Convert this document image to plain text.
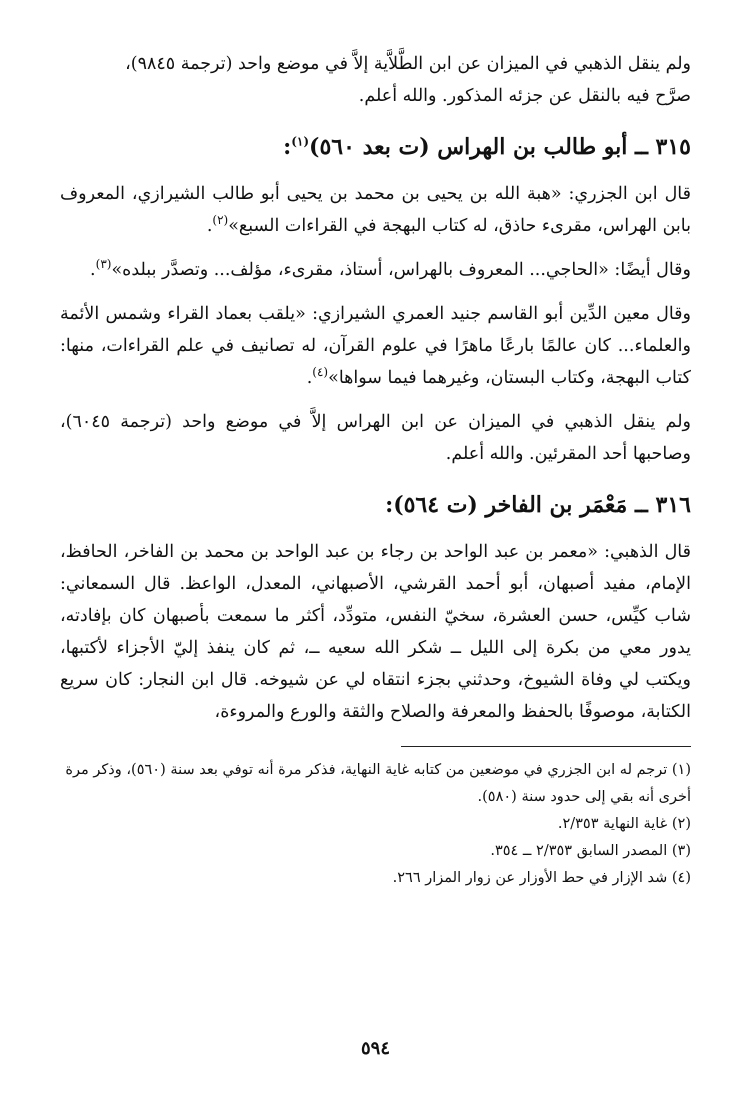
ولم ينقل الذهبي في الميزان عن ابن الطَّلاَّية إلاَّ في موضع واحد (ترجمة ٩٨٤٥)،

صرَّح فيه بالنقل عن جزئه المذكور. والله أعلم.

٣١٥ ــ أبو طالب بن الهراس (ت بعد ٥٦٠)$^{(١)}$:
قال ابن الجزري: «هبة الله بن يحيى بن محمد بن يحيى أبو طالب الشيرازي، المعروف بابن الهراس، مقرىء حاذق، له كتاب البهجة في القراءات السبع»$^{(٢)}$.
وقال أيضًا: «الحاجي... المعروف بالهراس، أستاذ، مقرىء، مؤلف... وتصدَّر ببلده»$^{(٣)}$.
وقال معين الدِّين أبو القاسم جنيد العمري الشيرازي: «يلقب بعماد القراء وشمس الأئمة والعلماء... كان عالمًا بارعًا ماهرًا في علوم القرآن، له تصانيف في علم القراءات، منها: كتاب البهجة، وكتاب البستان، وغيرهما فيما سواها»$^{(٤)}$.
ولم ينقل الذهبي في الميزان عن ابن الهراس إلاَّ في موضع واحد (ترجمة ٦٠٤٥)، وصاحبها أحد المقرئين. والله أعلم.
٣١٦ ــ مَعْمَر بن الفاخر (ت ٥٦٤):
قال الذهبي: «معمر بن عبد الواحد بن رجاء بن عبد الواحد بن محمد بن الفاخر، الحافظ، الإمام، مفيد أصبهان، أبو أحمد القرشي، الأصبهاني، المعدل، الواعظ. قال السمعاني: شاب كيِّس، حسن العشرة، سخيّ النفس، متودِّد، أكثر ما سمعت بأصبهان كان بإفادته، يدور معي من بكرة إلى الليل ــ شكر الله سعيه ــ، ثم كان ينفذ إليّ الأجزاء لأكتبها، ويكتب لي وفاة الشيوخ، وحدثني بجزء انتقاه لي عن شيوخه. قال ابن النجار: كان سريع الكتابة، موصوفًا بالحفظ والمعرفة والصلاح والثقة والورع والمروءة،

(١) ترجم له ابن الجزري في موضعين من كتابه غاية النهاية، فذكر مرة أنه توفي بعد سنة (٥٦٠)، وذكر مرة أخرى أنه بقي إلى حدود سنة (٥٨٠).

(٢) غاية النهاية ٢/٣٥٣.

(٣) المصدر السابق ٢/٣٥٣ ــ ٣٥٤.

(٤) شد الإزار في حط الأوزار عن زوار المزار ٢٦٦.

٥٩٤
